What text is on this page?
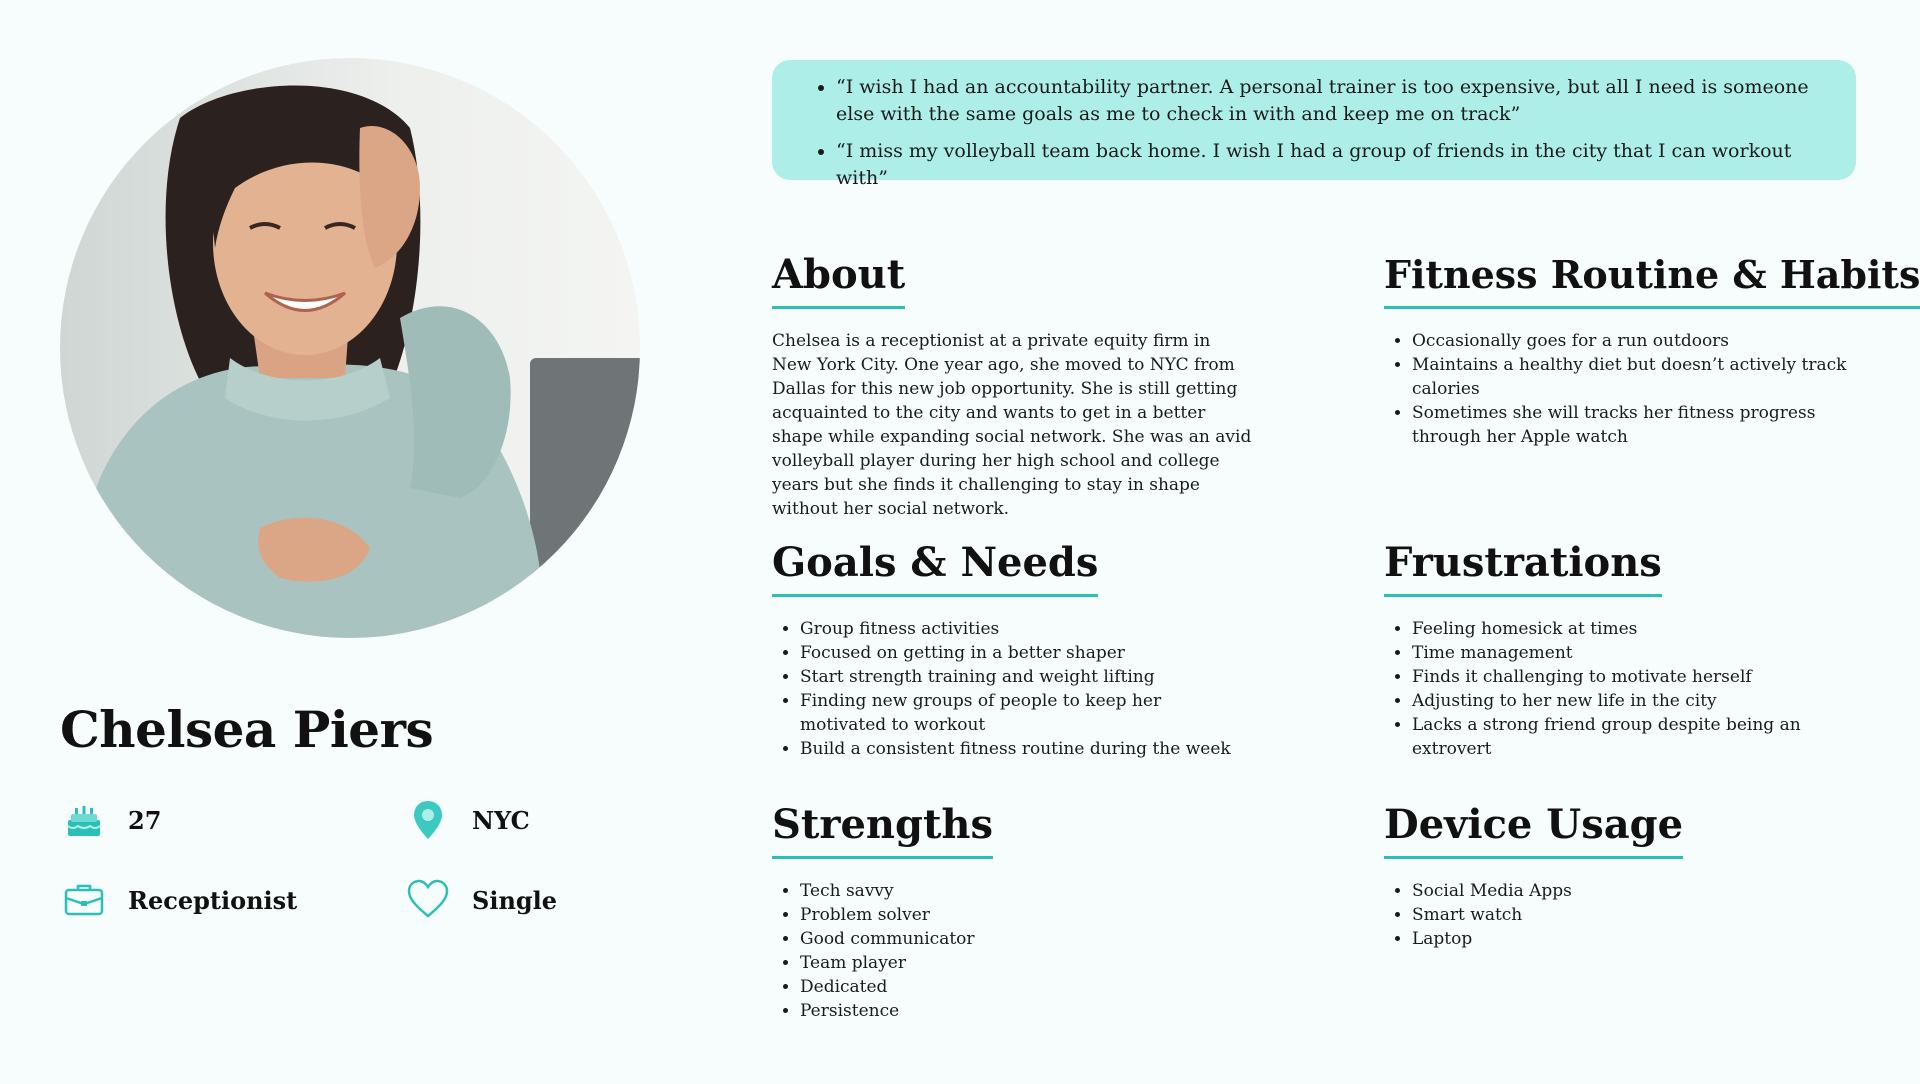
Chelsea Piers
27	NYC
Receptionist	Single
• “I wish I had an accountability partner. A personal trainer is too expensive, but all I need is someone else with the same goals as me to check in with and keep me on track”
• “I miss my volleyball team back home. I wish I had a group of friends in the city that I can workout with”
About

Chelsea is a receptionist at a private equity firm in New York City. One year ago, she moved to NYC from Dallas for this new job opportunity. She is still getting acquainted to the city and wants to get in a better shape while expanding social network. She was an avid volleyball player during her high school and college years but she finds it challenging to stay in shape without her social network.

Fitness Routine & Habits
• Occasionally goes for a run outdoors
• Maintains a healthy diet but doesn’t actively track calories
• Sometimes she will tracks her fitness progress through her Apple watch
Goals & Needs
• Group fitness activities
• Focused on getting in a better shaper
• Start strength training and weight lifting
• Finding new groups of people to keep her motivated to workout
• Build a consistent fitness routine during the week
Frustrations
• Feeling homesick at times
• Time management
• Finds it challenging to motivate herself
• Adjusting to her new life in the city
• Lacks a strong friend group despite being an extrovert
Strengths
• Tech savvy
• Problem solver
• Good communicator
• Team player
• Dedicated
• Persistence
Device Usage
• Social Media Apps
• Smart watch
• Laptop
